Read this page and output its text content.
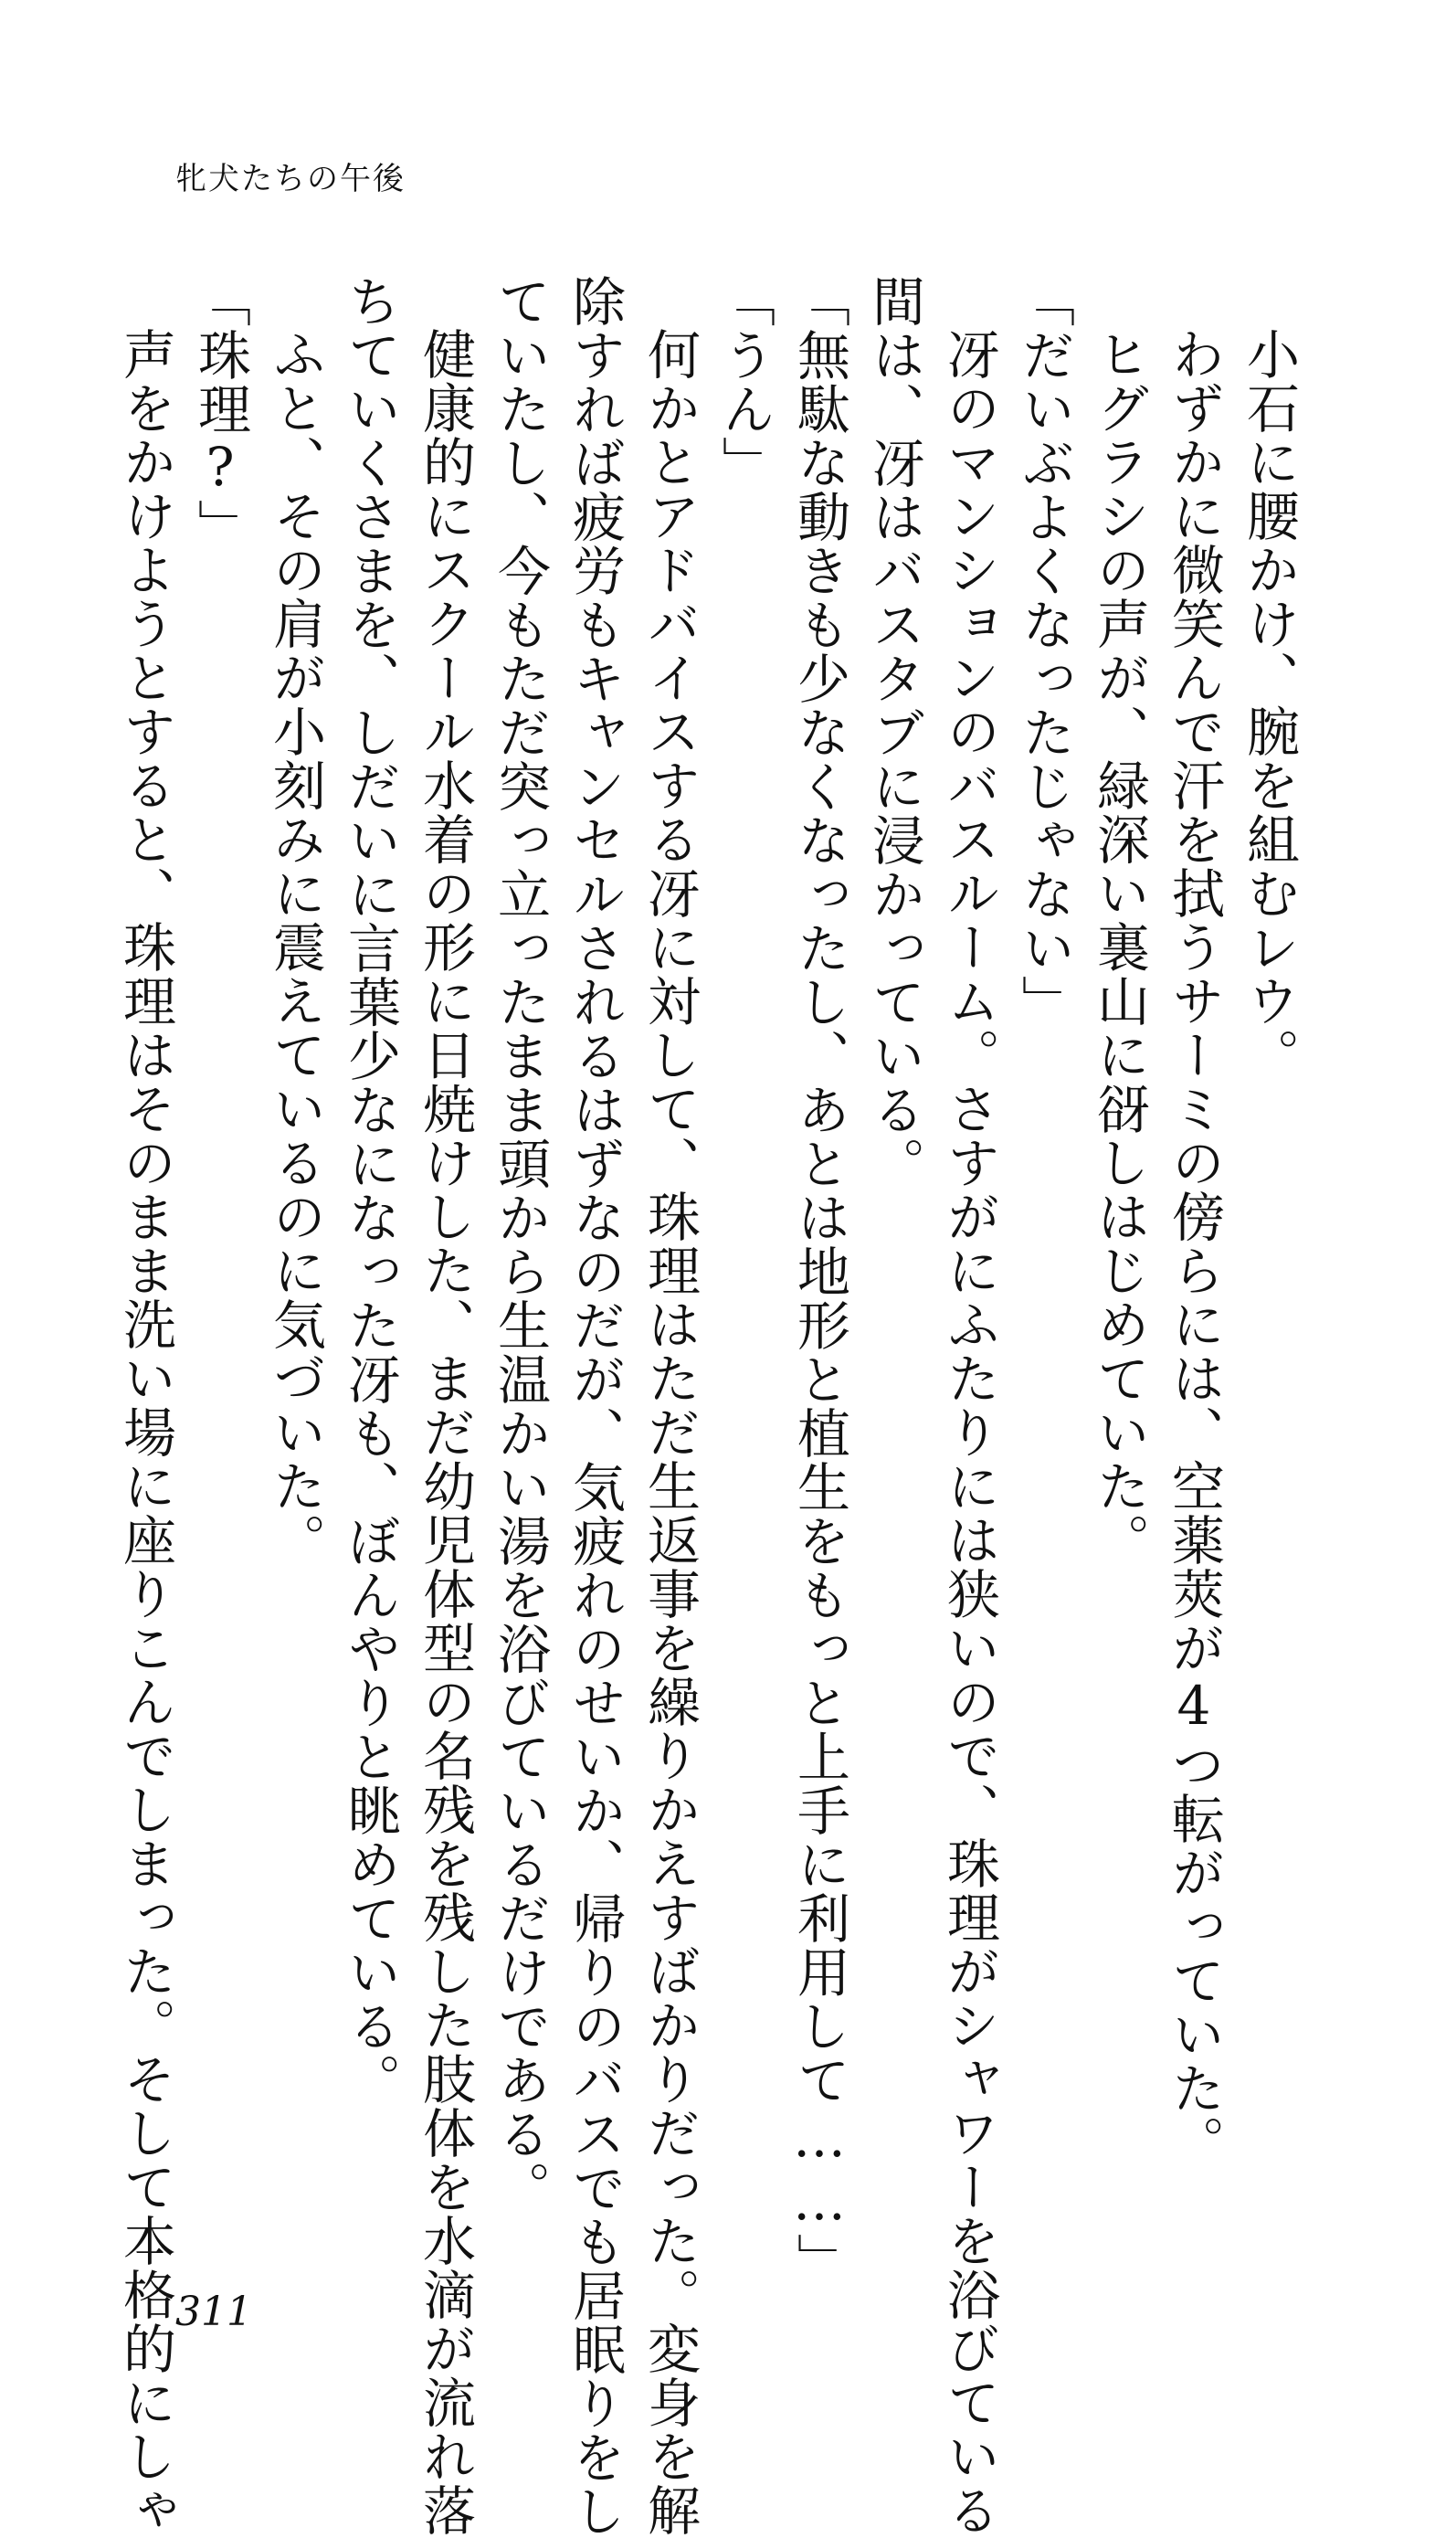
牝犬たちの午後

小石に腰かけ、腕を組むレウ。

わずかに微笑んで汗を拭うサーミの傍らには、空薬莢が4つ転がっていた。

ヒグラシの声が、緑深い裏山に谺しはじめていた。

「だいぶよくなったじゃない」

冴のマンションのバスルーム。さすがにふたりには狭いので、珠理がシャワーを浴びている

間は、冴はバスタブに浸かっている。

「無駄な動きも少なくなったし、あとは地形と植生をもっと上手に利用して……」

「うん」

何かとアドバイスする冴に対して、珠理はただ生返事を繰りかえすばかりだった。変身を解

除すれば疲労もキャンセルされるはずなのだが、気疲れのせいか、帰りのバスでも居眠りをし

ていたし、今もただ突っ立ったまま頭から生温かい湯を浴びているだけである。

健康的にスクール水着の形に日焼けした、まだ幼児体型の名残を残した肢体を水滴が流れ落

ちていくさまを、しだいに言葉少なになった冴も、ぼんやりと眺めている。

ふと、その肩が小刻みに震えているのに気づいた。

「珠理?」

声をかけようとすると、珠理はそのまま洗い場に座りこんでしまった。そして本格的にしゃ 311
